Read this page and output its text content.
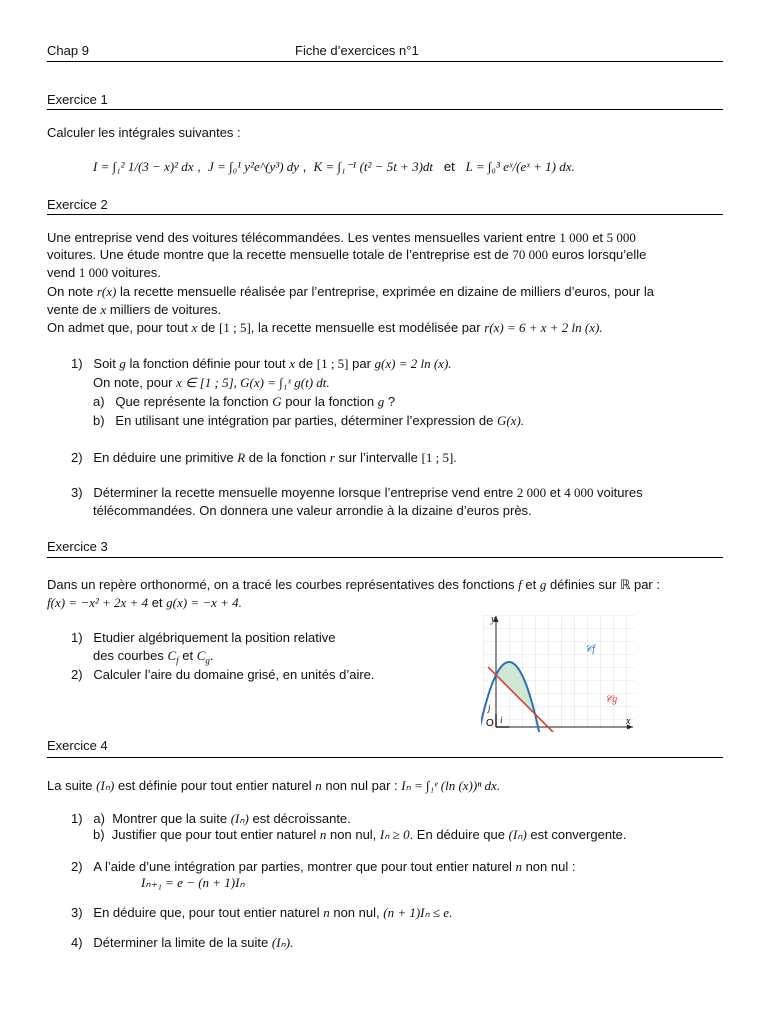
Chap 9	Fiche d’exercices n°1
Exercice 1
Calculer les intégrales suivantes :
I = ∫₁² 1/(3 − x)² dx ,  J = ∫₀¹ y²e^(y³) dy ,  K = ∫₁⁻¹ (t² − 5t + 3)dt et L = ∫₀³ eˣ/(eˣ + 1) dx.
Exercice 2
Une entreprise vend des voitures télécommandées. Les ventes mensuelles varient entre 1 000 et 5 000
voitures. Une étude montre que la recette mensuelle totale de l’entreprise est de 70 000 euros lorsqu’elle
vend 1 000 voitures.
On note r(x) la recette mensuelle réalisée par l’entreprise, exprimée en dizaine de milliers d’euros, pour la
vente de x milliers de voitures.
On admet que, pour tout x de [1 ; 5], la recette mensuelle est modélisée par r(x) = 6 + x + 2 ln (x).
1) Soit g la fonction définie pour tout x de [1 ; 5] par g(x) = 2 ln (x).
On note, pour x ∈ [1 ; 5], G(x) = ∫₁ˣ g(t) dt.
a) Que représente la fonction G pour la fonction g ?
b) En utilisant une intégration par parties, déterminer l’expression de G(x).
2) En déduire une primitive R de la fonction r sur l’intervalle [1 ; 5].
3) Déterminer la recette mensuelle moyenne lorsque l’entreprise vend entre 2 000 et 4 000 voitures
télécommandées. On donnera une valeur arrondie à la dizaine d’euros près.
Exercice 3
Dans un repère orthonormé, on a tracé les courbes représentatives des fonctions f et g définies sur ℝ par :
f(x) = −x² + 2x + 4 et g(x) = −x + 4.
1) Etudier algébriquement la position relative
des courbes $C_f$ et $C_g$.
2) Calculer l’aire du domaine grisé, en unités d’aire.
y
x
O i
j
𝒞f
𝒞g
Exercice 4
La suite (Iₙ) est définie pour tout entier naturel n non nul par : Iₙ = ∫₁ᵉ (ln (x))ⁿ dx.
1) a) Montrer que la suite (Iₙ) est décroissante.
b) Justifier que pour tout entier naturel n non nul, Iₙ ≥ 0. En déduire que (Iₙ) est convergente.
2) A l’aide d’une intégration par parties, montrer que pour tout entier naturel n non nul :
Iₙ₊₁ = e − (n + 1)Iₙ
3) En déduire que, pour tout entier naturel n non nul, (n + 1)Iₙ ≤ e.
4) Déterminer la limite de la suite (Iₙ).
